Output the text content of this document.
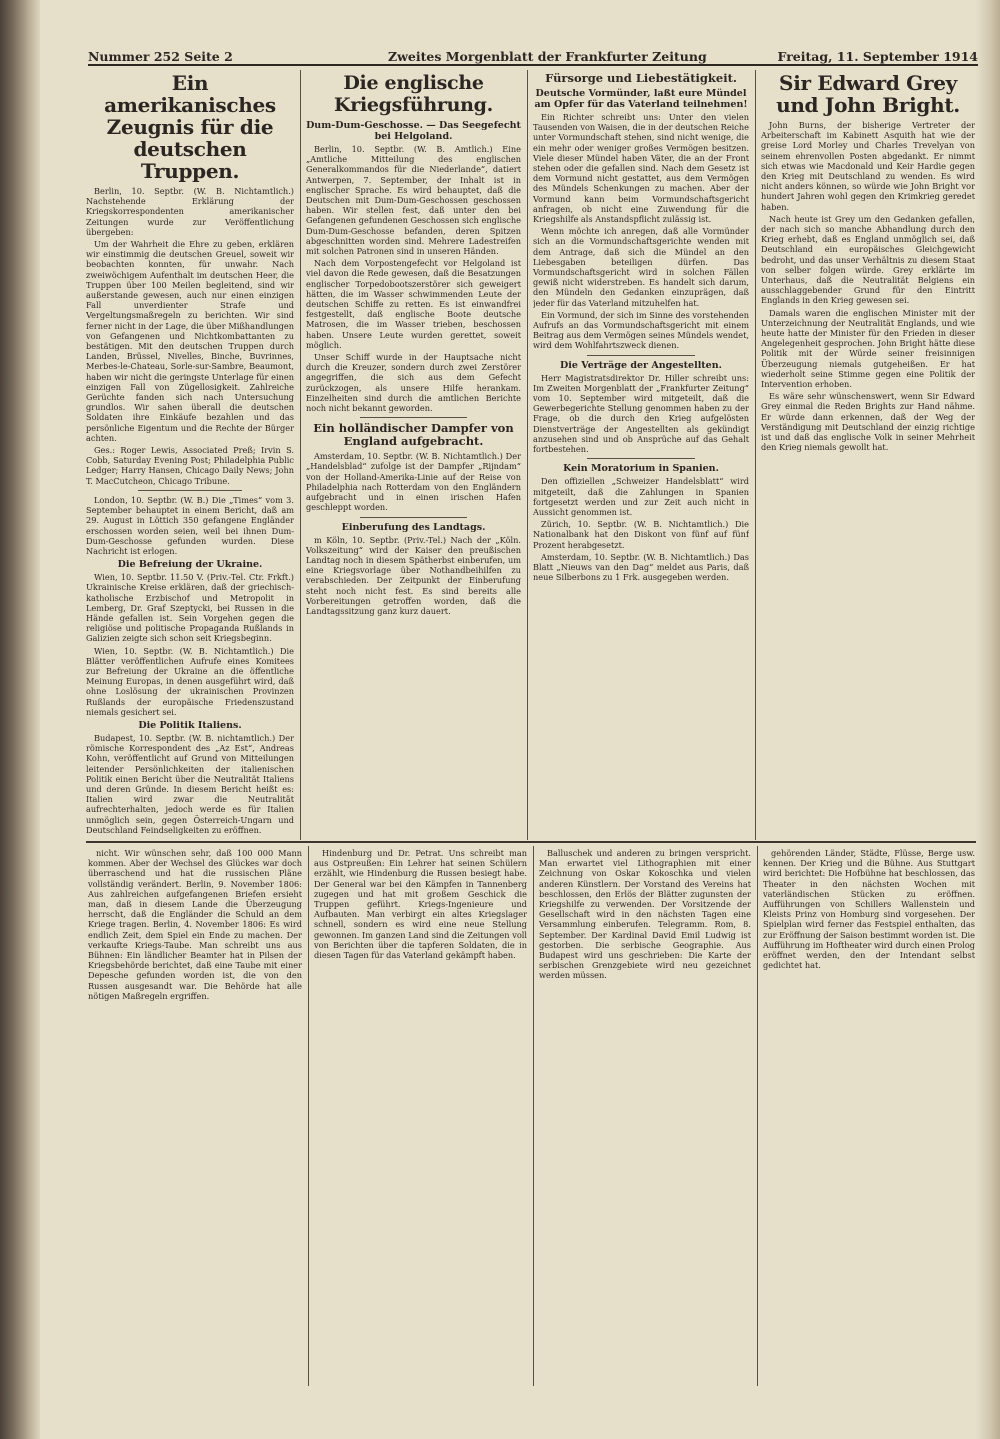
Nummer 252 Seite 2	Zweites Morgenblatt der Frankfurter Zeitung	Freitag, 11. September 1914
Ein amerikanisches Zeugnis für die deutschen Truppen.

Berlin, 10. Septbr. (W. B. Nichtamtlich.) Nachstehende Erklärung der Kriegskorrespondenten amerikanischer Zeitungen wurde zur Veröffentlichung übergeben:

Um der Wahrheit die Ehre zu geben, erklären wir einstimmig die deutschen Greuel, soweit wir beobachten konnten, für unwahr. Nach zweiwöchigem Aufenthalt im deutschen Heer, die Truppen über 100 Meilen begleitend, sind wir außerstande gewesen, auch nur einen einzigen Fall unverdienter Strafe und Vergeltungsmaßregeln zu berichten. Wir sind ferner nicht in der Lage, die über Mißhandlungen von Gefangenen und Nichtkombattanten zu bestätigen. Mit den deutschen Truppen durch Landen, Brüssel, Nivelles, Binche, Buvrinnes, Merbes-le-Chateau, Sorle-sur-Sambre, Beaumont, haben wir nicht die geringste Unterlage für einen einzigen Fall von Zügellosigkeit. Zahlreiche Gerüchte fanden sich nach Untersuchung grundlos. Wir sahen überall die deutschen Soldaten ihre Einkäufe bezahlen und das persönliche Eigentum und die Rechte der Bürger achten.

Ges.: Roger Lewis, Associated Preß; Irvin S. Cobb, Saturday Evening Post; Philadelphia Public Ledger; Harry Hansen, Chicago Daily News; John T. MacCutcheon, Chicago Tribune.

London, 10. Septbr. (W. B.) Die „Times“ vom 3. September behauptet in einem Bericht, daß am 29. August in Löttich 350 gefangene Engländer erschossen worden seien, weil bei ihnen Dum-Dum-Geschosse gefunden wurden. Diese Nachricht ist erlogen.

Die Befreiung der Ukraine.

Wien, 10. Septbr. 11.50 V. (Priv.-Tel. Ctr. Frkft.) Ukrainische Kreise erklären, daß der griechisch-katholische Erzbischof und Metropolit in Lemberg, Dr. Graf Szeptycki, bei Russen in die Hände gefallen ist. Sein Vorgehen gegen die religiöse und politische Propaganda Rußlands in Galizien zeigte sich schon seit Kriegsbeginn.

Wien, 10. Septbr. (W. B. Nichtamtlich.) Die Blätter veröffentlichen Aufrufe eines Komitees zur Befreiung der Ukraine an die öffentliche Meinung Europas, in denen ausgeführt wird, daß ohne Loslösung der ukrainischen Provinzen Rußlands der europäische Friedenszustand niemals gesichert sei.

Die Politik Italiens.

Budapest, 10. Septbr. (W. B. nichtamtlich.) Der römische Korrespondent des „Az Est“, Andreas Kohn, veröffentlicht auf Grund von Mitteilungen leitender Persönlichkeiten der italienischen Politik einen Bericht über die Neutralität Italiens und deren Gründe. In diesem Bericht heißt es: Italien wird zwar die Neutralität aufrechterhalten, jedoch werde es für Italien unmöglich sein, gegen Österreich-Ungarn und Deutschland Feindseligkeiten zu eröffnen.

Die englische Kriegsführung.
Dum-Dum-Geschosse. — Das Seegefecht bei Helgoland.

Berlin, 10. Septbr. (W. B. Amtlich.) Eine „Amtliche Mitteilung des englischen Generalkommandos für die Niederlande“, datiert Antwerpen, 7. September, der Inhalt ist in englischer Sprache. Es wird behauptet, daß die Deutschen mit Dum-Dum-Geschossen geschossen haben. Wir stellen fest, daß unter den bei Gefangenen gefundenen Geschossen sich englische Dum-Dum-Geschosse befanden, deren Spitzen abgeschnitten worden sind. Mehrere Ladestreifen mit solchen Patronen sind in unseren Händen.

Nach dem Vorpostengefecht vor Helgoland ist viel davon die Rede gewesen, daß die Besatzungen englischer Torpedobootszerstörer sich geweigert hätten, die im Wasser schwimmenden Leute der deutschen Schiffe zu retten. Es ist einwandfrei festgestellt, daß englische Boote deutsche Matrosen, die im Wasser trieben, beschossen haben. Unsere Leute wurden gerettet, soweit möglich.

Unser Schiff wurde in der Hauptsache nicht durch die Kreuzer, sondern durch zwei Zerstörer angegriffen, die sich aus dem Gefecht zurückzogen, als unsere Hilfe herankam. Einzelheiten sind durch die amtlichen Berichte noch nicht bekannt geworden.

Ein holländischer Dampfer von England aufgebracht.

Amsterdam, 10. Septbr. (W. B. Nichtamtlich.) Der „Handelsblad“ zufolge ist der Dampfer „Rijndam“ von der Holland-Amerika-Linie auf der Reise von Philadelphia nach Rotterdam von den Engländern aufgebracht und in einen irischen Hafen geschleppt worden.

Einberufung des Landtags.

m Köln, 10. Septbr. (Priv.-Tel.) Nach der „Köln. Volkszeitung“ wird der Kaiser den preußischen Landtag noch in diesem Spätherbst einberufen, um eine Kriegsvorlage über Nothandbeihilfen zu verabschieden. Der Zeitpunkt der Einberufung steht noch nicht fest. Es sind bereits alle Vorbereitungen getroffen worden, daß die Landtagssitzung ganz kurz dauert.

Fürsorge und Liebestätigkeit.
Deutsche Vormünder, laßt eure Mündel am Opfer für das Vaterland teilnehmen!

Ein Richter schreibt uns: Unter den vielen Tausenden von Waisen, die in der deutschen Reiche unter Vormundschaft stehen, sind nicht wenige, die ein mehr oder weniger großes Vermögen besitzen. Viele dieser Mündel haben Väter, die an der Front stehen oder die gefallen sind. Nach dem Gesetz ist dem Vormund nicht gestattet, aus dem Vermögen des Mündels Schenkungen zu machen. Aber der Vormund kann beim Vormundschaftsgericht anfragen, ob nicht eine Zuwendung für die Kriegshilfe als Anstandspflicht zulässig ist.

Wenn möchte ich anregen, daß alle Vormünder sich an die Vormundschaftsgerichte wenden mit dem Antrage, daß sich die Mündel an den Liebesgaben beteiligen dürfen. Das Vormundschaftsgericht wird in solchen Fällen gewiß nicht widerstreben. Es handelt sich darum, den Mündeln den Gedanken einzuprägen, daß jeder für das Vaterland mitzuhelfen hat.

Ein Vormund, der sich im Sinne des vorstehenden Aufrufs an das Vormundschaftsgericht mit einem Beitrag aus dem Vermögen seines Mündels wendet, wird dem Wohlfahrtszweck dienen.

Die Verträge der Angestellten.

Herr Magistratsdirektor Dr. Hiller schreibt uns: Im Zweiten Morgenblatt der „Frankfurter Zeitung“ vom 10. September wird mitgeteilt, daß die Gewerbegerichte Stellung genommen haben zu der Frage, ob die durch den Krieg aufgelösten Dienstverträge der Angestellten als gekündigt anzusehen sind und ob Ansprüche auf das Gehalt fortbestehen.

Kein Moratorium in Spanien.

Den offiziellen „Schweizer Handelsblatt“ wird mitgeteilt, daß die Zahlungen in Spanien fortgesetzt werden und zur Zeit auch nicht in Aussicht genommen ist.

Zürich, 10. Septbr. (W. B. Nichtamtlich.) Die Nationalbank hat den Diskont von fünf auf fünf Prozent herabgesetzt.

Amsterdam, 10. Septbr. (W. B. Nichtamtlich.) Das Blatt „Nieuws van den Dag“ meldet aus Paris, daß neue Silberbons zu 1 Frk. ausgegeben werden.

Sir Edward Grey und John Bright.

John Burns, der bisherige Vertreter der Arbeiterschaft im Kabinett Asquith hat wie der greise Lord Morley und Charles Trevelyan von seinem ehrenvollen Posten abgedankt. Er nimmt sich etwas wie Macdonald und Keir Hardie gegen den Krieg mit Deutschland zu wenden. Es wird nicht anders können, so würde wie John Bright vor hundert Jahren wohl gegen den Krimkrieg geredet haben.

Nach heute ist Grey um den Gedanken gefallen, der nach sich so manche Abhandlung durch den Krieg erhebt, daß es England unmöglich sei, daß Deutschland ein europäisches Gleichgewicht bedroht, und das unser Verhältnis zu diesem Staat von selber folgen würde. Grey erklärte im Unterhaus, daß die Neutralität Belgiens ein ausschlaggebender Grund für den Eintritt Englands in den Krieg gewesen sei.

Damals waren die englischen Minister mit der Unterzeichnung der Neutralität Englands, und wie heute hatte der Minister für den Frieden in dieser Angelegenheit gesprochen. John Bright hätte diese Politik mit der Würde seiner freisinnigen Überzeugung niemals gutgeheißen. Er hat wiederholt seine Stimme gegen eine Politik der Intervention erhoben.

Es wäre sehr wünschenswert, wenn Sir Edward Grey einmal die Reden Brights zur Hand nähme. Er würde dann erkennen, daß der Weg der Verständigung mit Deutschland der einzig richtige ist und daß das englische Volk in seiner Mehrheit den Krieg niemals gewollt hat.

nicht. Wir wünschen sehr, daß 100 000 Mann kommen. Aber der Wechsel des Glückes war doch überraschend und hat die russischen Pläne vollständig verändert. Berlin, 9. November 1806: Aus zahlreichen aufgefangenen Briefen ersieht man, daß in diesem Lande die Überzeugung herrscht, daß die Engländer die Schuld an dem Kriege tragen. Berlin, 4. November 1806: Es wird endlich Zeit, dem Spiel ein Ende zu machen. Der verkaufte Kriegs-Taube. Man schreibt uns aus Bühnen: Ein ländlicher Beamter hat in Pilsen der Kriegsbehörde berichtet, daß eine Taube mit einer Depesche gefunden worden ist, die von den Russen ausgesandt war. Die Behörde hat alle nötigen Maßregeln ergriffen.

Hindenburg und Dr. Petrat. Uns schreibt man aus Ostpreußen: Ein Lehrer hat seinen Schülern erzählt, wie Hindenburg die Russen besiegt habe. Der General war bei den Kämpfen in Tannenberg zugegen und hat mit großem Geschick die Truppen geführt. Kriegs-Ingenieure und Aufbauten. Man verbirgt ein altes Kriegslager schnell, sondern es wird eine neue Stellung gewonnen. Im ganzen Land sind die Zeitungen voll von Berichten über die tapferen Soldaten, die in diesen Tagen für das Vaterland gekämpft haben.

Balluschek und anderen zu bringen verspricht. Man erwartet viel Lithographien mit einer Zeichnung von Oskar Kokoschka und vielen anderen Künstlern. Der Vorstand des Vereins hat beschlossen, den Erlös der Blätter zugunsten der Kriegshilfe zu verwenden. Der Vorsitzende der Gesellschaft wird in den nächsten Tagen eine Versammlung einberufen. Telegramm. Rom, 8. September. Der Kardinal David Emil Ludwig ist gestorben. Die serbische Geographie. Aus Budapest wird uns geschrieben: Die Karte der serbischen Grenzgebiete wird neu gezeichnet werden müssen.

gehörenden Länder, Städte, Flüsse, Berge usw. kennen. Der Krieg und die Bühne. Aus Stuttgart wird berichtet: Die Hofbühne hat beschlossen, das Theater in den nächsten Wochen mit vaterländischen Stücken zu eröffnen. Aufführungen von Schillers Wallenstein und Kleists Prinz von Homburg sind vorgesehen. Der Spielplan wird ferner das Festspiel enthalten, das zur Eröffnung der Saison bestimmt worden ist. Die Aufführung im Hoftheater wird durch einen Prolog eröffnet werden, den der Intendant selbst gedichtet hat.
